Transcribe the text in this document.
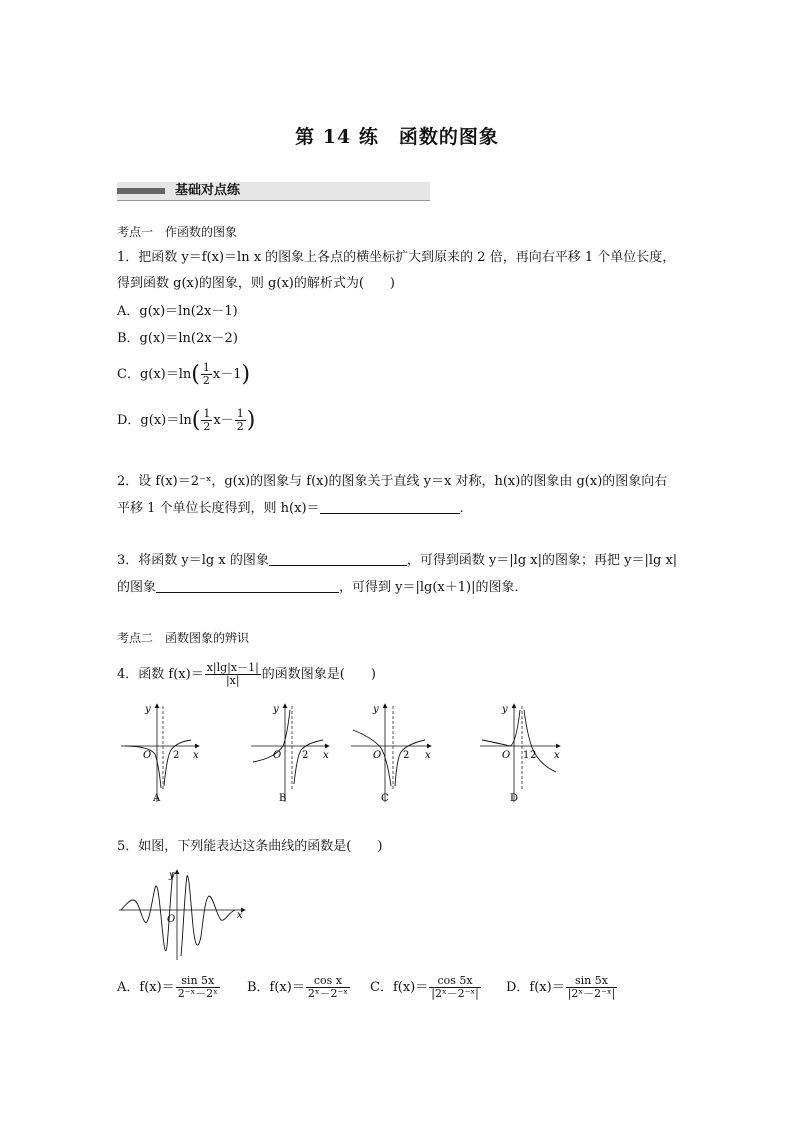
第 14 练　函数的图象
基础对点练
考点一　作函数的图象
1．把函数 y＝f(x)＝ln x 的图象上各点的横坐标扩大到原来的 2 倍，再向右平移 1 个单位长度，
得到函数 g(x)的图象，则 g(x)的解析式为(　　)
A．g(x)＝ln(2x－1)
B．g(x)＝ln(2x－2)
C．$g(x)=\ln( \frac{1}{2} x-1)$
D．$g(x)=\ln( \frac{1}{2} x- \frac{1}{2}$ )
2．设 f(x)＝2⁻ˣ，g(x)的图象与 f(x)的图象关于直线 y＝x 对称，h(x)的图象由 g(x)的图象向右
平移 1 个单位长度得到，则 h(x)＝	.
3．将函数 y＝lg x 的图象	，可得到函数 y＝|lg x|的图象；再把 y＝|lg x|
的图象	，可得到 y＝|lg(x＋1)|的图象．
考点二　函数图象的辨识
4．函数 $f(x)= \frac{x|\lg|x-1|}{|x|}$ 的函数图象是(　　)
y
x
O 2
A
y
x
O 2
B
y
x
O 2
C
y
x
O 1 2
D
5．如图，下列能表达这条曲线的函数是(　　)
y
x
O
A．$f(x)= \frac{\sin 5x}{\text{2⁻ˣ－2ˣ}}$ B．$f(x)= \frac{\text{cos x}}{\text{2ˣ－2⁻ˣ}}$ C．$f(x)= \frac{\cos 5x}{\text{|2ˣ－2⁻ˣ|}}$ D．$f(x)= \frac{\sin 5x}{\text{|2ˣ－2⁻ˣ|}}$
